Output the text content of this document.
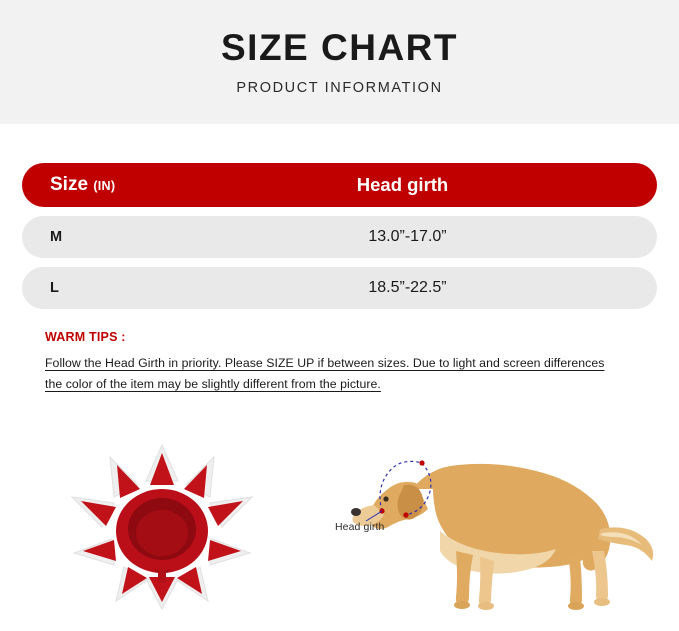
SIZE CHART
PRODUCT INFORMATION
Size (IN)	Head girth
M	13.0”-17.0”
L	18.5”-22.5”
WARM TIPS :
Follow the Head Girth in priority. Please SIZE UP if between sizes. Due to light and screen differences
the color of the item may be slightly different from the picture.
Head girth
